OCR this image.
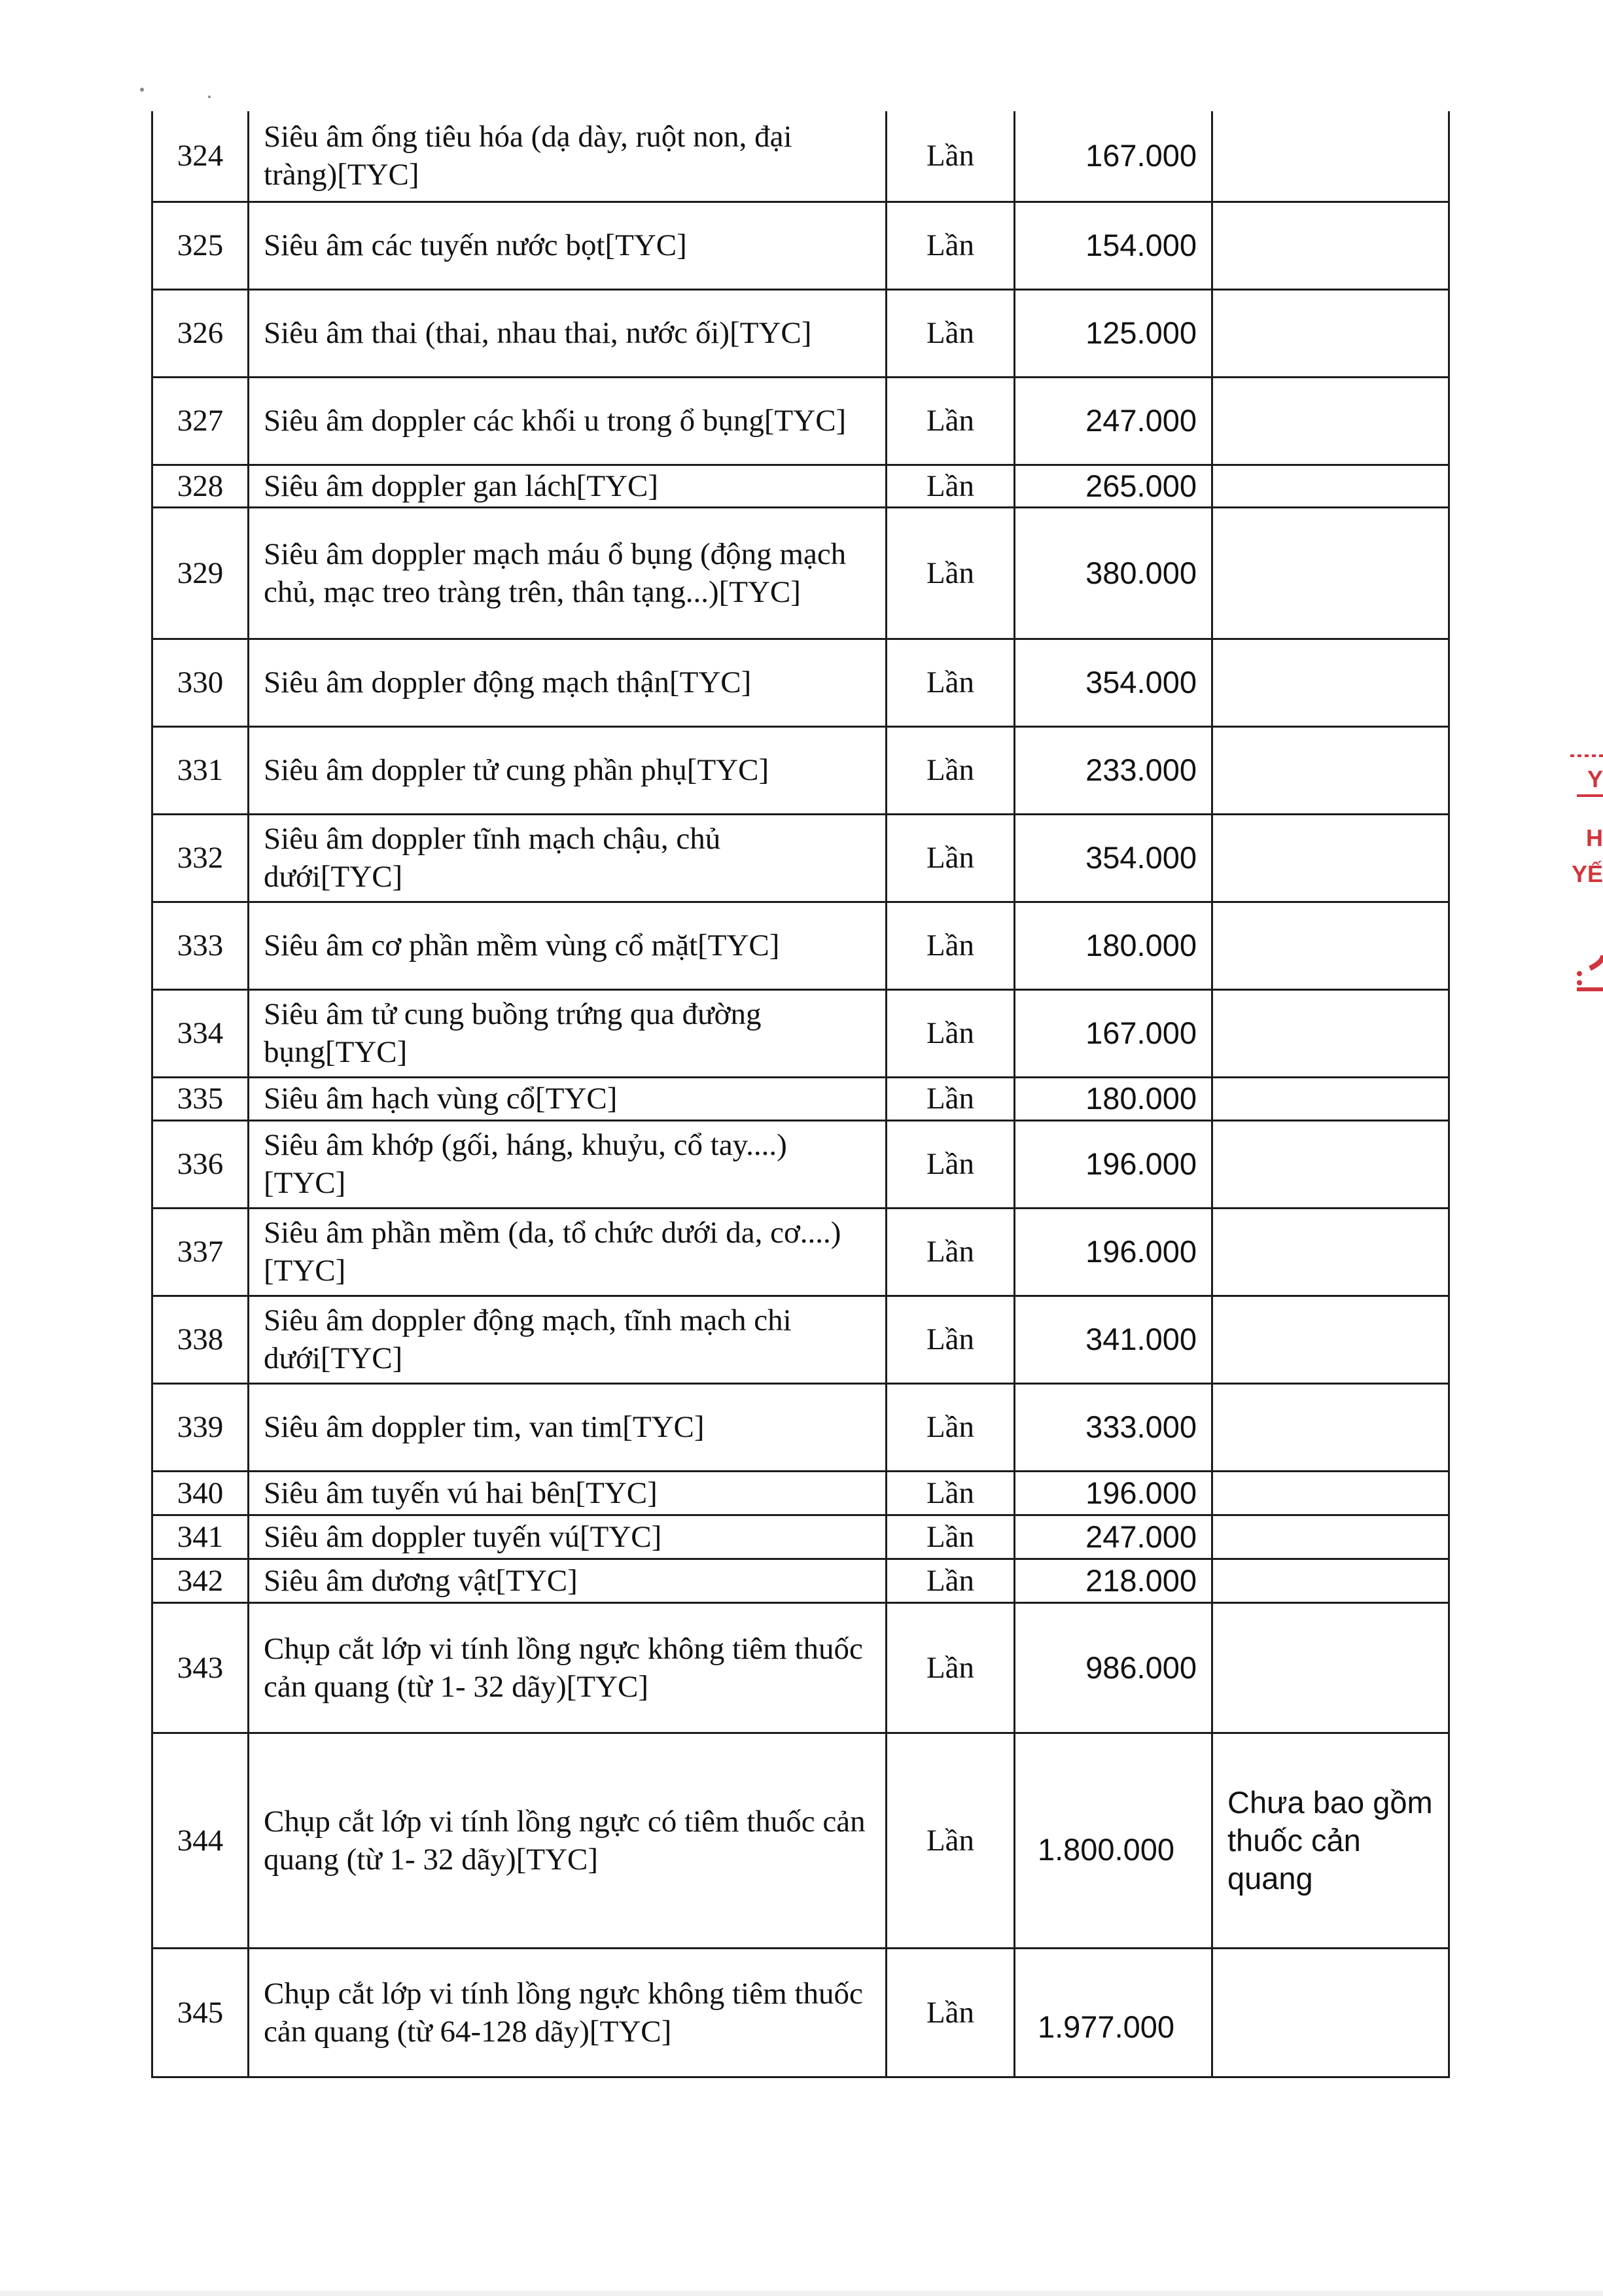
324	Siêu âm ống tiêu hóa (dạ dày, ruột non, đại tràng)[TYC]	Lần	167.000	
325	Siêu âm các tuyến nước bọt[TYC]	Lần	154.000	
326	Siêu âm thai (thai, nhau thai, nước ối)[TYC]	Lần	125.000	
327	Siêu âm doppler các khối u trong ổ bụng[TYC]	Lần	247.000	
328	Siêu âm doppler gan lách[TYC]	Lần	265.000	
329	Siêu âm doppler mạch máu ổ bụng (động mạch chủ, mạc treo tràng trên, thân tạng...)[TYC]	Lần	380.000	
330	Siêu âm doppler động mạch thận[TYC]	Lần	354.000	
331	Siêu âm doppler tử cung phần phụ[TYC]	Lần	233.000	
332	Siêu âm doppler tĩnh mạch chậu, chủ dưới[TYC]	Lần	354.000	
333	Siêu âm cơ phần mềm vùng cổ mặt[TYC]	Lần	180.000	
334	Siêu âm tử cung buồng trứng qua đường bụng[TYC]	Lần	167.000	
335	Siêu âm hạch vùng cổ[TYC]	Lần	180.000	
336	Siêu âm khớp (gối, háng, khuỷu, cổ tay....)[TYC]	Lần	196.000	
337	Siêu âm phần mềm (da, tổ chức dưới da, cơ....)[TYC]	Lần	196.000	
338	Siêu âm doppler động mạch, tĩnh mạch chi dưới[TYC]	Lần	341.000	
339	Siêu âm doppler tim, van tim[TYC]	Lần	333.000	
340	Siêu âm tuyến vú hai bên[TYC]	Lần	196.000	
341	Siêu âm doppler tuyến vú[TYC]	Lần	247.000	
342	Siêu âm dương vật[TYC]	Lần	218.000	
343	Chụp cắt lớp vi tính lồng ngực không tiêm thuốc cản quang (từ 1- 32 dãy)[TYC]	Lần	986.000	
344	Chụp cắt lớp vi tính lồng ngực có tiêm thuốc cản quang (từ 1- 32 dãy)[TYC]	Lần	1.800.000	Chưa bao gồm thuốc cản quang
345	Chụp cắt lớp vi tính lồng ngực không tiêm thuốc cản quang (từ 64-128 dãy)[TYC]	Lần	1.977.000	
Y
H
YẾ
